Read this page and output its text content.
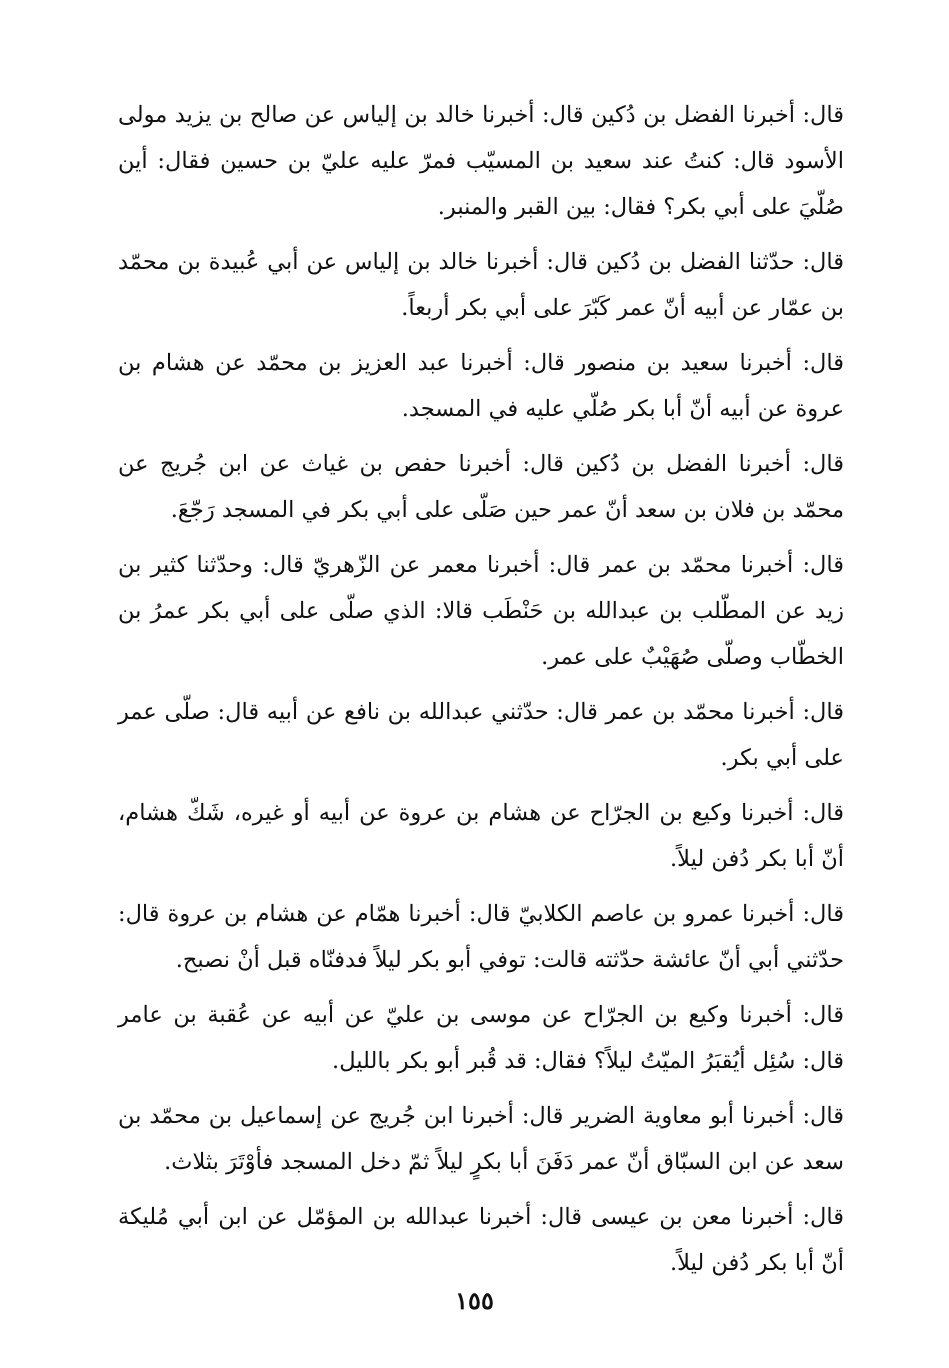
قال: أخبرنا الفضل بن دُكين قال: أخبرنا خالد بن إلياس عن صالح بن يزيد مولى الأسود قال: كنتُ عند سعيد بن المسيّب فمرّ عليه عليّ بن حسين فقال: أين صُلّيَ على أبي بكر؟ فقال: بين القبر والمنبر.

قال: حدّثنا الفضل بن دُكين قال: أخبرنا خالد بن إلياس عن أبي عُبيدة بن محمّد بن عمّار عن أبيه أنّ عمر كَبّرَ على أبي بكر أربعاً.

قال: أخبرنا سعيد بن منصور قال: أخبرنا عبد العزيز بن محمّد عن هشام بن عروة عن أبيه أنّ أبا بكر صُلّي عليه في المسجد.

قال: أخبرنا الفضل بن دُكين قال: أخبرنا حفص بن غياث عن ابن جُريج عن محمّد بن فلان بن سعد أنّ عمر حين صَلّى على أبي بكر في المسجد رَجّعَ.

قال: أخبرنا محمّد بن عمر قال: أخبرنا معمر عن الزّهريّ قال: وحدّثنا كثير بن زيد عن المطّلب بن عبدالله بن حَنْطَب قالا: الذي صلّى على أبي بكر عمرُ بن الخطّاب وصلّى صُهَيْبٌ على عمر.

قال: أخبرنا محمّد بن عمر قال: حدّثني عبدالله بن نافع عن أبيه قال: صلّى عمر على أبي بكر.

قال: أخبرنا وكيع بن الجرّاح عن هشام بن عروة عن أبيه أو غيره، شَكّ هشام، أنّ أبا بكر دُفن ليلاً.

قال: أخبرنا عمرو بن عاصم الكلابيّ قال: أخبرنا همّام عن هشام بن عروة قال: حدّثني أبي أنّ عائشة حدّثته قالت: توفي أبو بكر ليلاً فدفنّاه قبل أنْ نصبح.

قال: أخبرنا وكيع بن الجرّاح عن موسى بن عليّ عن أبيه عن عُقبة بن عامر قال: سُئِل أيُقبَرُ الميّتُ ليلاً؟ فقال: قد قُبر أبو بكر بالليل.

قال: أخبرنا أبو معاوية الضرير قال: أخبرنا ابن جُريج عن إسماعيل بن محمّد بن سعد عن ابن السبّاق أنّ عمر دَفَنَ أبا بكرٍ ليلاً ثمّ دخل المسجد فأوْتَرَ بثلاث.

قال: أخبرنا معن بن عيسى قال: أخبرنا عبدالله بن المؤمّل عن ابن أبي مُليكة أنّ أبا بكر دُفن ليلاً.

١٥٥
